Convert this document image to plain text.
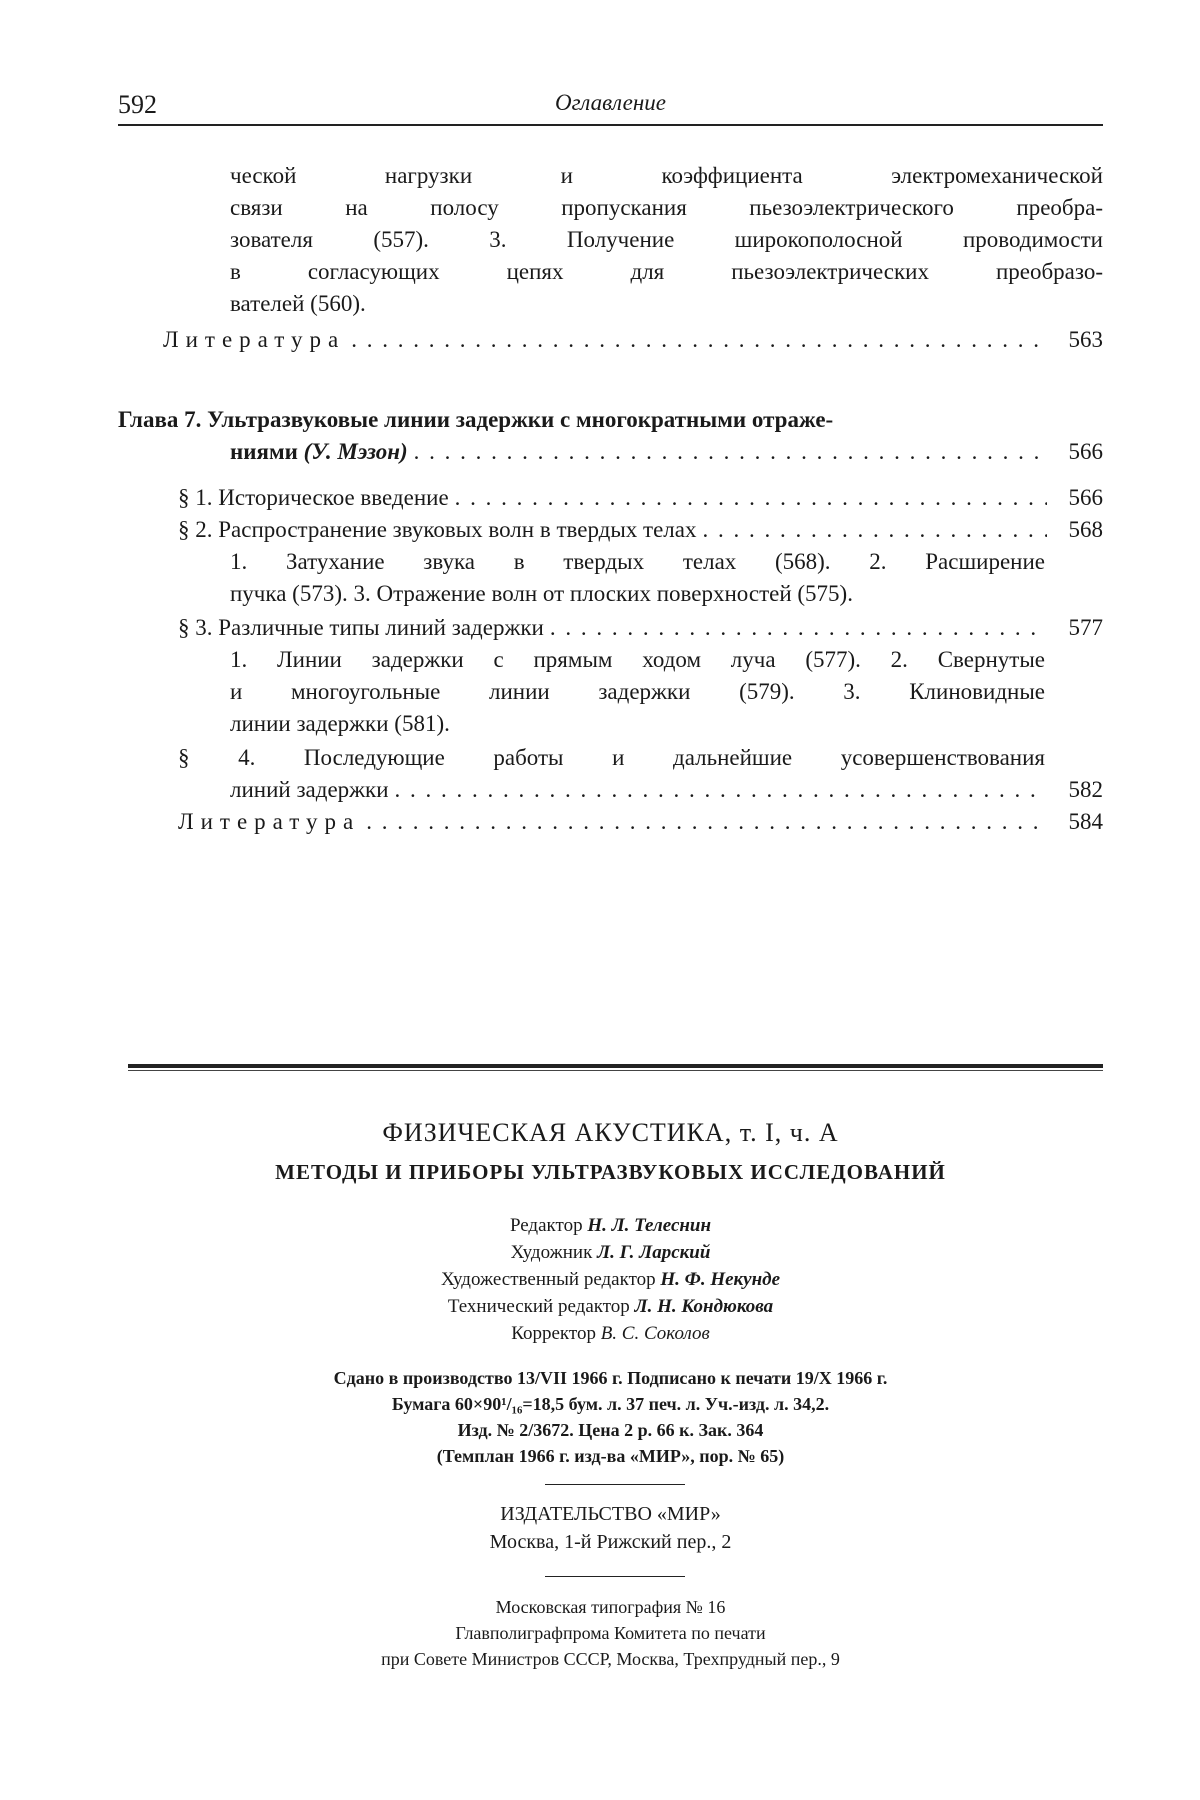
592	Оглавление
ческой нагрузки и коэффициента электромеханической
связи на полосу пропускания пьезоэлектрического преобра-
зователя (557). 3. Получение широкополосной проводимости
в согласующих цепях для пьезоэлектрических преобразо-
вателей (560).
Литература . . .	563
Глава 7. Ультразвуковые линии задержки с многократными отраже-
ниями (У. Мэзон) . . .	566
§ 1. Историческое введение . . .	566
§ 2. Распространение звуковых волн в твердых телах . . .	568
1. Затухание звука в твердых телах (568). 2. Расширение
пучка (573). 3. Отражение волн от плоских поверхностей (575).
§ 3. Различные типы линий задержки . . .	577
1. Линии задержки с прямым ходом луча (577). 2. Свернутые
и многоугольные линии задержки (579). 3. Клиновидные
линии задержки (581).
§ 4. Последующие работы и дальнейшие усовершенствования
линий задержки . . .	582
Литература . . .	584
ФИЗИЧЕСКАЯ АКУСТИКА, т. I, ч. А
МЕТОДЫ И ПРИБОРЫ УЛЬТРАЗВУКОВЫХ ИССЛЕДОВАНИЙ
Редактор Н. Л. Телеснин
Художник Л. Г. Ларский
Художественный редактор Н. Ф. Некунде
Технический редактор Л. Н. Кондюкова
Корректор В. С. Соколов
Сдано в производство 13/VII 1966 г. Подписано к печати 19/X 1966 г.
Бумага 60×90¹/₁₆=18,5 бум. л. 37 печ. л. Уч.-изд. л. 34,2.
Изд. № 2/3672. Цена 2 р. 66 к. Зак. 364
(Темплан 1966 г. изд-ва «МИР», пор. № 65)
ИЗДАТЕЛЬСТВО «МИР»
Москва, 1-й Рижский пер., 2
Московская типография № 16
Главполиграфпрома Комитета по печати
при Совете Министров СССР, Москва, Трехпрудный пер., 9
